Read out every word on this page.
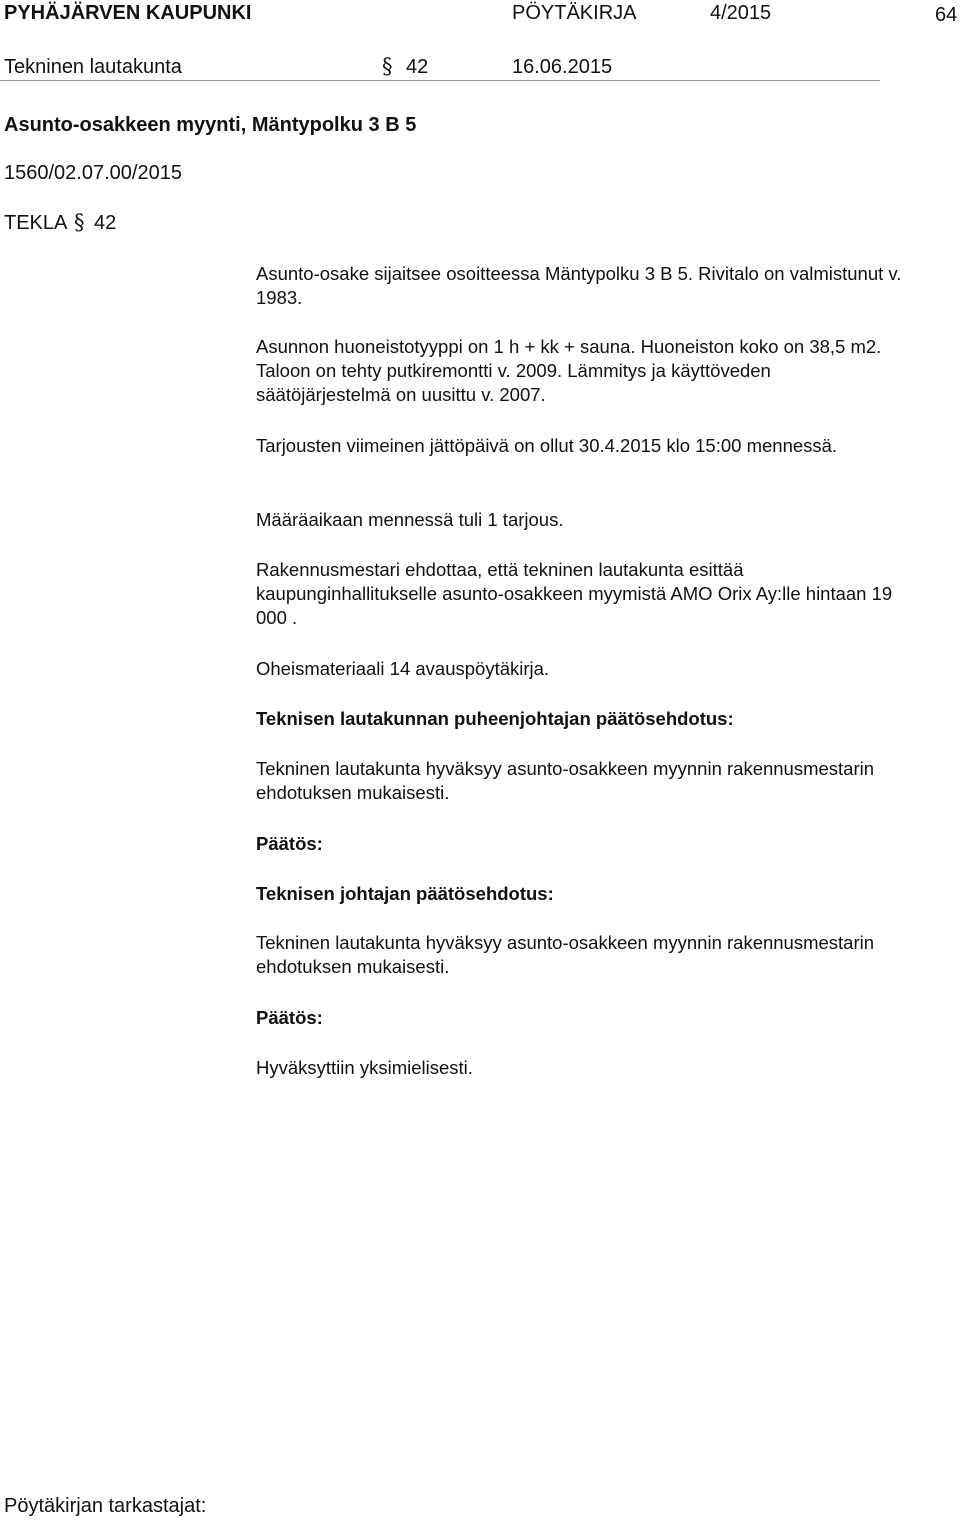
PYHÄJÄRVEN KAUPUNKI	PÖYTÄKIRJA	4/2015	64
Tekninen lautakunta	§ 42	16.06.2015
Asunto-osakkeen myynti, Mäntypolku 3 B 5
1560/02.07.00/2015
TEKLA § 42
Asunto-osake sijaitsee osoitteessa Mäntypolku 3 B 5. Rivitalo on valmistunut v. 1983.
Asunnon huoneistotyyppi on 1 h + kk + sauna. Huoneiston koko on 38,5 m2. Taloon on tehty putkiremontti v. 2009. Lämmitys ja käyttöveden säätöjärjestelmä on uusittu v. 2007.
Tarjousten viimeinen jättöpäivä on ollut 30.4.2015 klo 15:00 mennessä.
Määräaikaan mennessä tuli 1 tarjous.
Rakennusmestari ehdottaa, että tekninen lautakunta esittää kaupunginhallitukselle asunto-osakkeen myymistä AMO Orix Ay:lle hintaan 19 000 .
Oheismateriaali 14 avauspöytäkirja.
Teknisen lautakunnan puheenjohtajan päätösehdotus:
Tekninen lautakunta hyväksyy asunto-osakkeen myynnin rakennusmestarin ehdotuksen mukaisesti.
Päätös:
Teknisen johtajan päätösehdotus:
Tekninen lautakunta hyväksyy asunto-osakkeen myynnin rakennusmestarin ehdotuksen mukaisesti.
Päätös:
Hyväksyttiin yksimielisesti.
Pöytäkirjan tarkastajat:
